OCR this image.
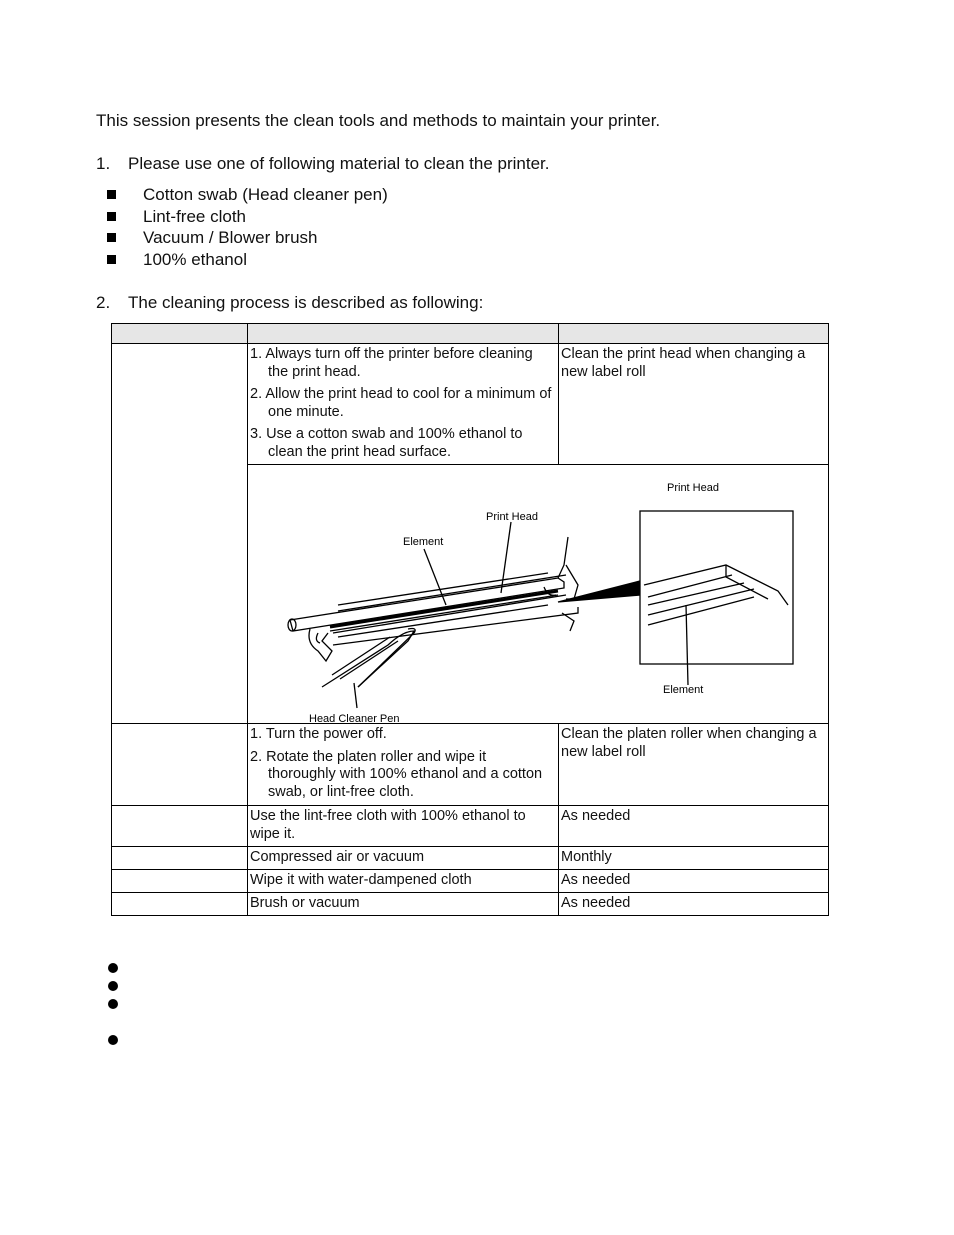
This session presents the clean tools and methods to maintain your printer.

1. Please use one of following material to clean the printer.

Cotton swab (Head cleaner pen)
Lint-free cloth
Vacuum / Blower brush
100% ethanol

2. The cleaning process is described as following:

	1. Always turn off the printer before cleaning the print head.

2. Allow the print head to cool for a minimum of one minute.

3. Use a cotton swab and 100% ethanol to clean the print head surface.	Clean the print head when changing a new label roll

Print Head
Element
Head Cleaner Pen
Print Head
Element	

	1. Turn the power off.

2. Rotate the platen roller and wipe it thoroughly with 100% ethanol and a cotton swab, or lint-free cloth.	Clean the platen roller when changing a new label roll
	Use the lint-free cloth with 100% ethanol to wipe it.	As needed
	Compressed air or vacuum	Monthly
	Wipe it with water-dampened cloth	As needed
	Brush or vacuum	As needed
